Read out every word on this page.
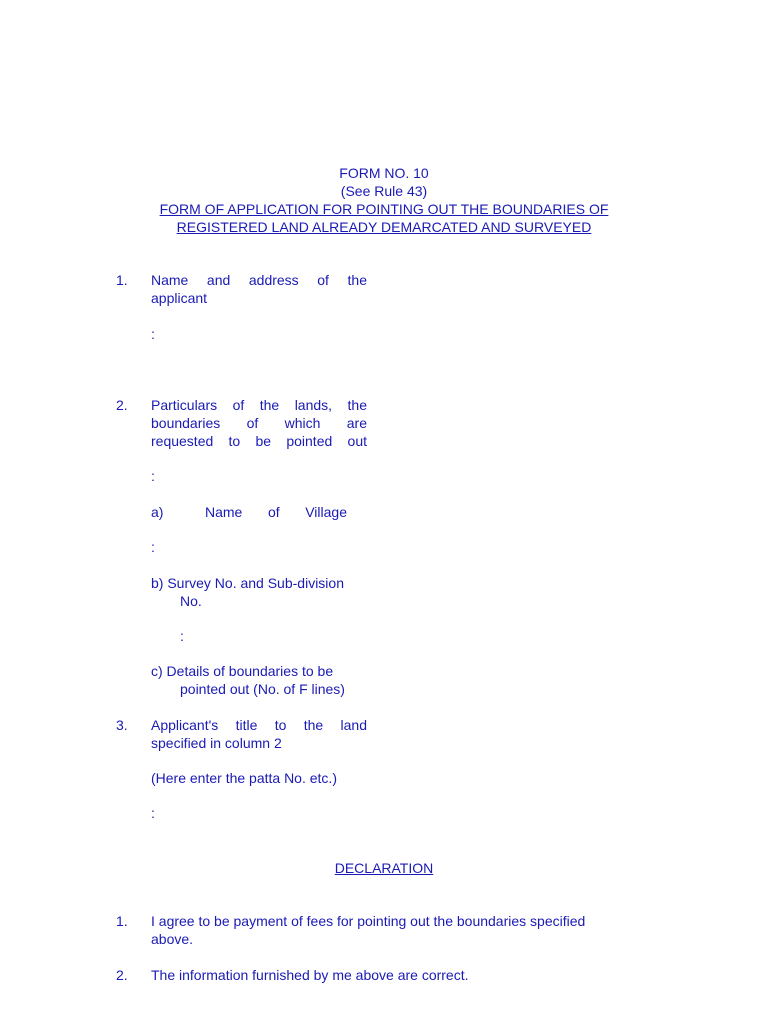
FORM NO. 10
(See Rule 43)
FORM OF APPLICATION FOR POINTING OUT THE BOUNDARIES OF
REGISTERED LAND ALREADY DEMARCATED AND SURVEYED
1. Name and address of the
applicant
:
2. Particulars of the lands, the
boundaries of which are
requested to be pointed out
:
a)	Name of Village
:
b) Survey No. and Sub-division
No.
:
c) Details of boundaries to be
pointed out (No. of F lines)
3. Applicant's title to the land
specified in column 2
(Here enter the patta No. etc.)
:
DECLARATION
1. I agree to be payment of fees for pointing out the boundaries specified
above.
2. The information furnished by me above are correct.
